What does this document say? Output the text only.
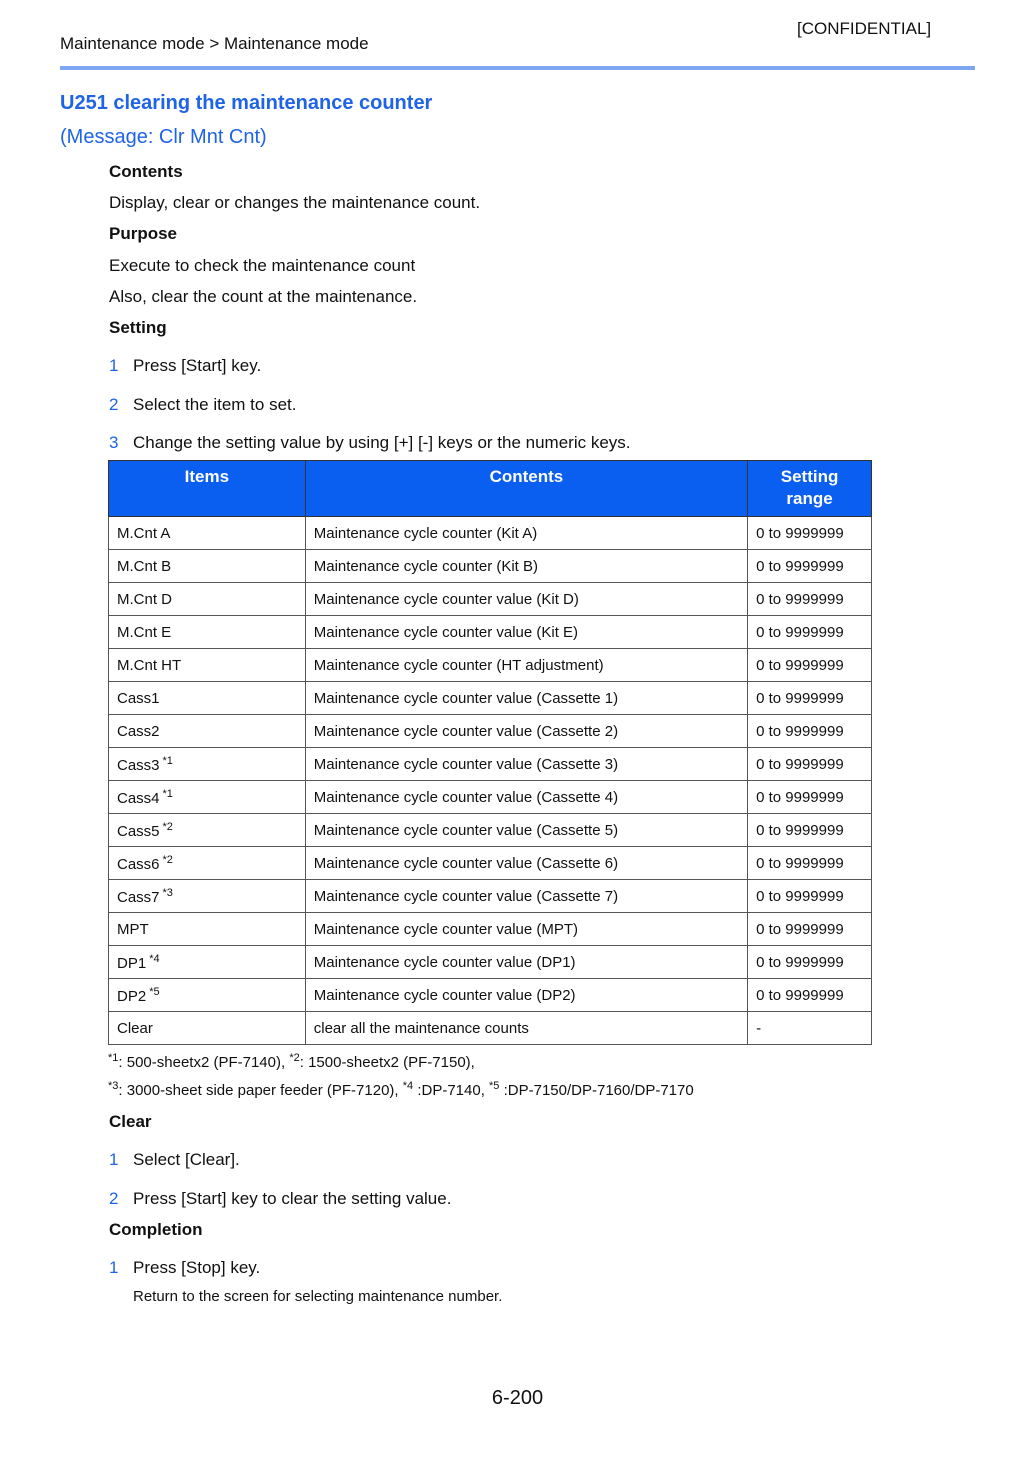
[CONFIDENTIAL]
Maintenance mode > Maintenance mode
U251 clearing the maintenance counter
(Message: Clr Mnt Cnt)
Contents
Display, clear or changes the maintenance count.
Purpose
Execute to check the maintenance count
Also, clear the count at the maintenance.
Setting
1 Press [Start] key.
2 Select the item to set.
3 Change the setting value by using [+] [-] keys or the numeric keys.
Items	Contents	Setting range
M.Cnt A	Maintenance cycle counter (Kit A)	0 to 9999999
M.Cnt B	Maintenance cycle counter (Kit B)	0 to 9999999
M.Cnt D	Maintenance cycle counter value (Kit D)	0 to 9999999
M.Cnt E	Maintenance cycle counter value (Kit E)	0 to 9999999
M.Cnt HT	Maintenance cycle counter (HT adjustment)	0 to 9999999
Cass1	Maintenance cycle counter value (Cassette 1)	0 to 9999999
Cass2	Maintenance cycle counter value (Cassette 2)	0 to 9999999
Cass3 $^{*1}$	Maintenance cycle counter value (Cassette 3)	0 to 9999999
Cass4 $^{*1}$	Maintenance cycle counter value (Cassette 4)	0 to 9999999
Cass5 $^{*2}$	Maintenance cycle counter value (Cassette 5)	0 to 9999999
Cass6 $^{*2}$	Maintenance cycle counter value (Cassette 6)	0 to 9999999
Cass7 $^{*3}$	Maintenance cycle counter value (Cassette 7)	0 to 9999999
MPT	Maintenance cycle counter value (MPT)	0 to 9999999
DP1 $^{*4}$	Maintenance cycle counter value (DP1)	0 to 9999999
DP2 $^{*5}$	Maintenance cycle counter value (DP2)	0 to 9999999
Clear	clear all the maintenance counts	-
$^{*1}$: 500-sheetx2 (PF-7140), $^{*2}$: 1500-sheetx2 (PF-7150),
$^{*3}$: 3000-sheet side paper feeder (PF-7120), $^{*4}$ :DP-7140, $^{*5}$ :DP-7150/DP-7160/DP-7170
Clear
1 Select [Clear].
2 Press [Start] key to clear the setting value.
Completion
1 Press [Stop] key.
Return to the screen for selecting maintenance number.
6-200
